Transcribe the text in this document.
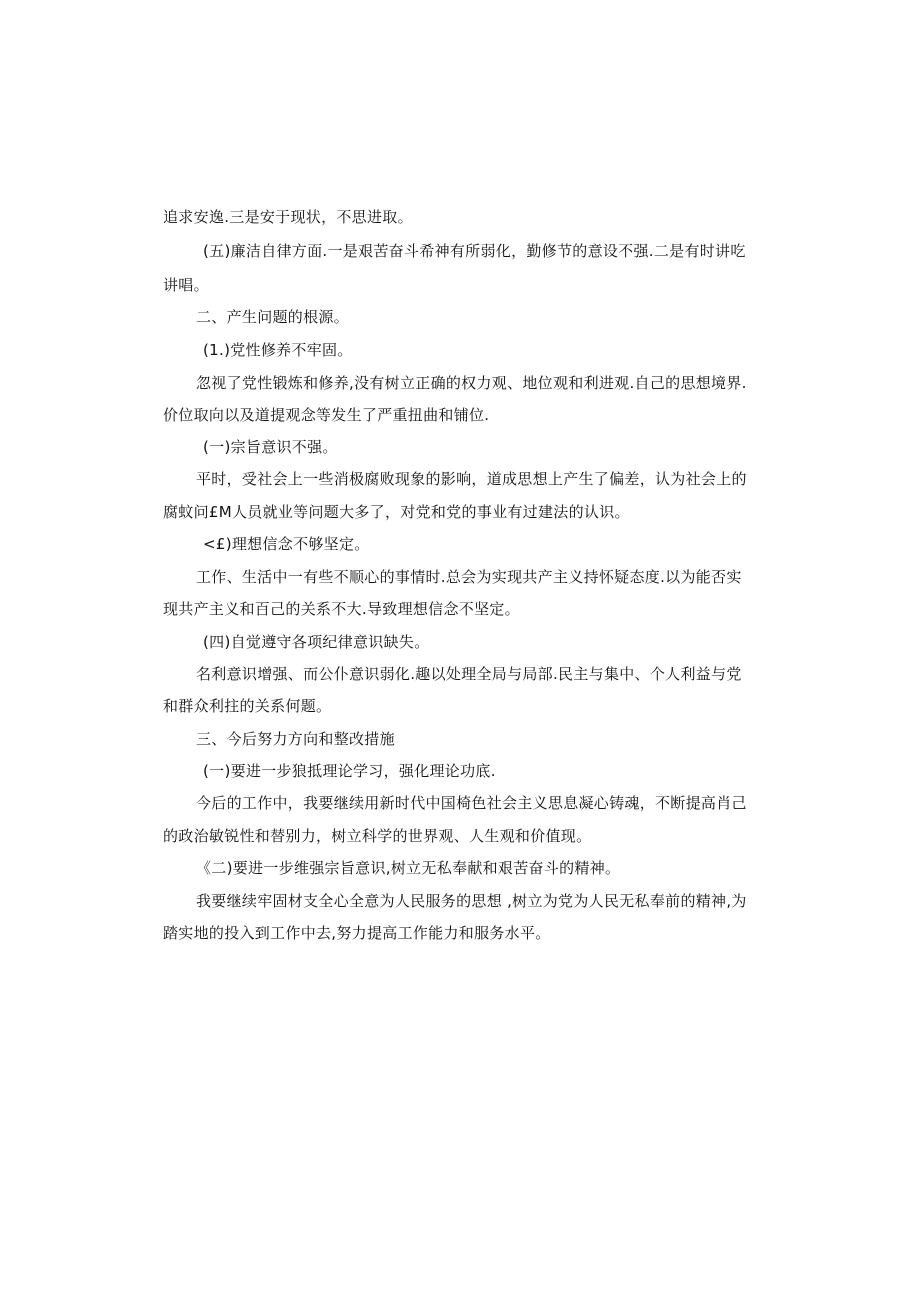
追求安逸.三是安于现状，不思进取。
(五)廉洁自律方面.一是艰苦奋斗希神有所弱化，勤修节的意设不强.二是有时讲吃
讲唱。
二、产生问题的根源。
(1.)党性修养不牢固。
忽视了党性锻炼和修养,没有树立正确的权力观、地位观和利进观.自己的思想境界.
价位取向以及道提观念等发生了严重扭曲和铺位.
(一)宗旨意识不强。
平时，受社会上一些消极腐败现象的影响，道成思想上产生了偏差，认为社会上的
腐蚊问£M人员就业等问题大多了，对党和党的事业有过建法的认识。
<£)理想信念不够坚定。
工作、生活中一有些不顺心的事情时.总会为实现共产主义持怀疑态度.以为能否实
现共产主义和百己的关系不大.导致理想信念不坚定。
(四)自觉遵守各项纪律意识缺失。
名利意识增强、而公仆意识弱化.趣以处理全局与局部.民主与集中、个人利益与党
和群众利拄的关系何题。
三、今后努力方向和整改措施
(一)要进一步狼抵理论学习，强化理论功底.
今后的工作中，我要继续用新时代中国椅色社会主义思息凝心铸魂，不断提高肖己
的政治敏锐性和替别力，树立科学的世界观、人生观和价值现。
《二)要进一步维强宗旨意识,树立无私奉献和艰苦奋斗的精神。
我要继续牢固材支全心全意为人民服务的思想 ,树立为党为人民无私奉前的精神,为
踏实地的投入到工作中去,努力提高工作能力和服务水平。
